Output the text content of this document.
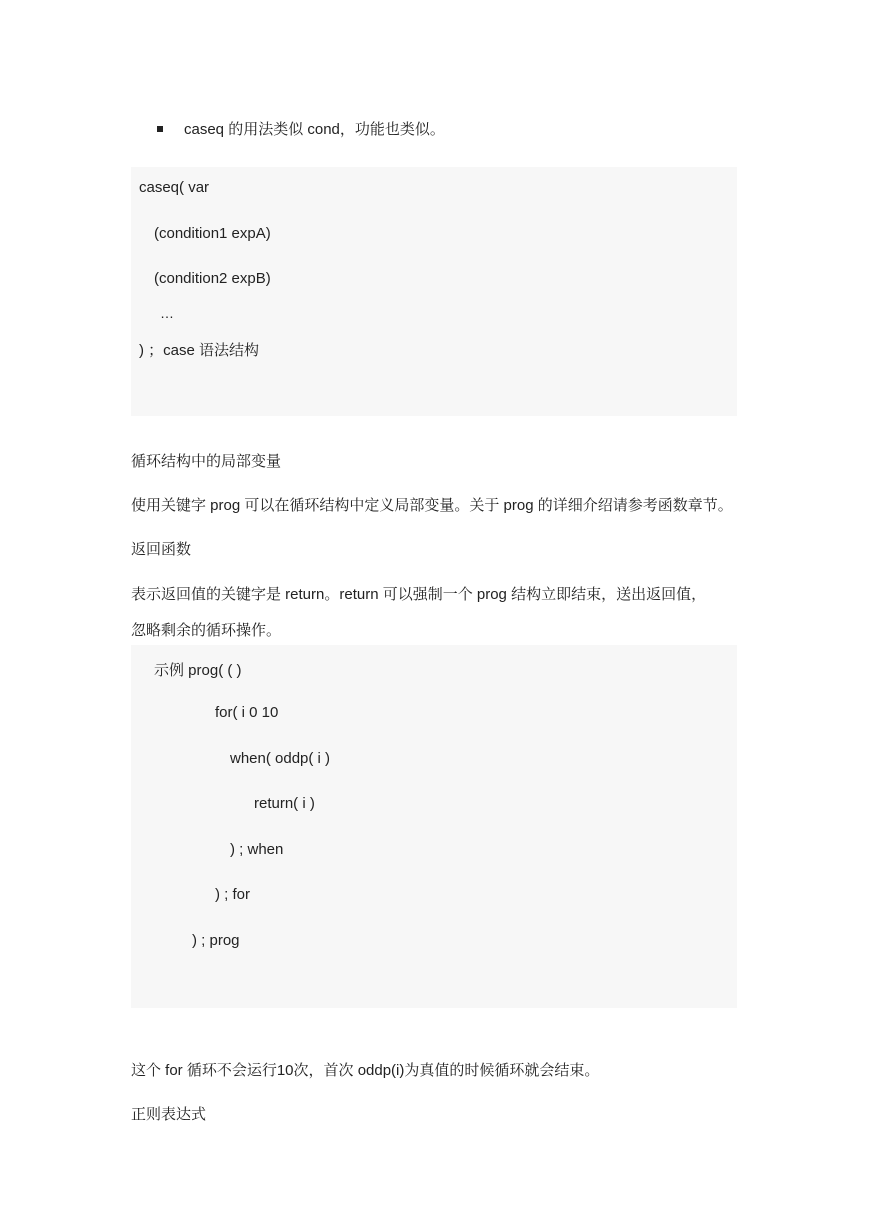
caseq 的用法类似 cond，功能也类似。
caseq( var
(condition1 expA)
(condition2 expB)
…
) ；case 语法结构
循环结构中的局部变量
使用关键字 prog 可以在循环结构中定义局部变量。关于 prog 的详细介绍请参考函数章节。
返回函数
表示返回值的关键字是 return。return 可以强制一个 prog 结构立即结束，送出返回值，
忽略剩余的循环操作。
示例 prog( ( )
for( i 0 10
when( oddp( i )
return( i )
) ; when
) ; for
) ; prog
这个 for 循环不会运行10次，首次 oddp(i)为真值的时候循环就会结束。
正则表达式
